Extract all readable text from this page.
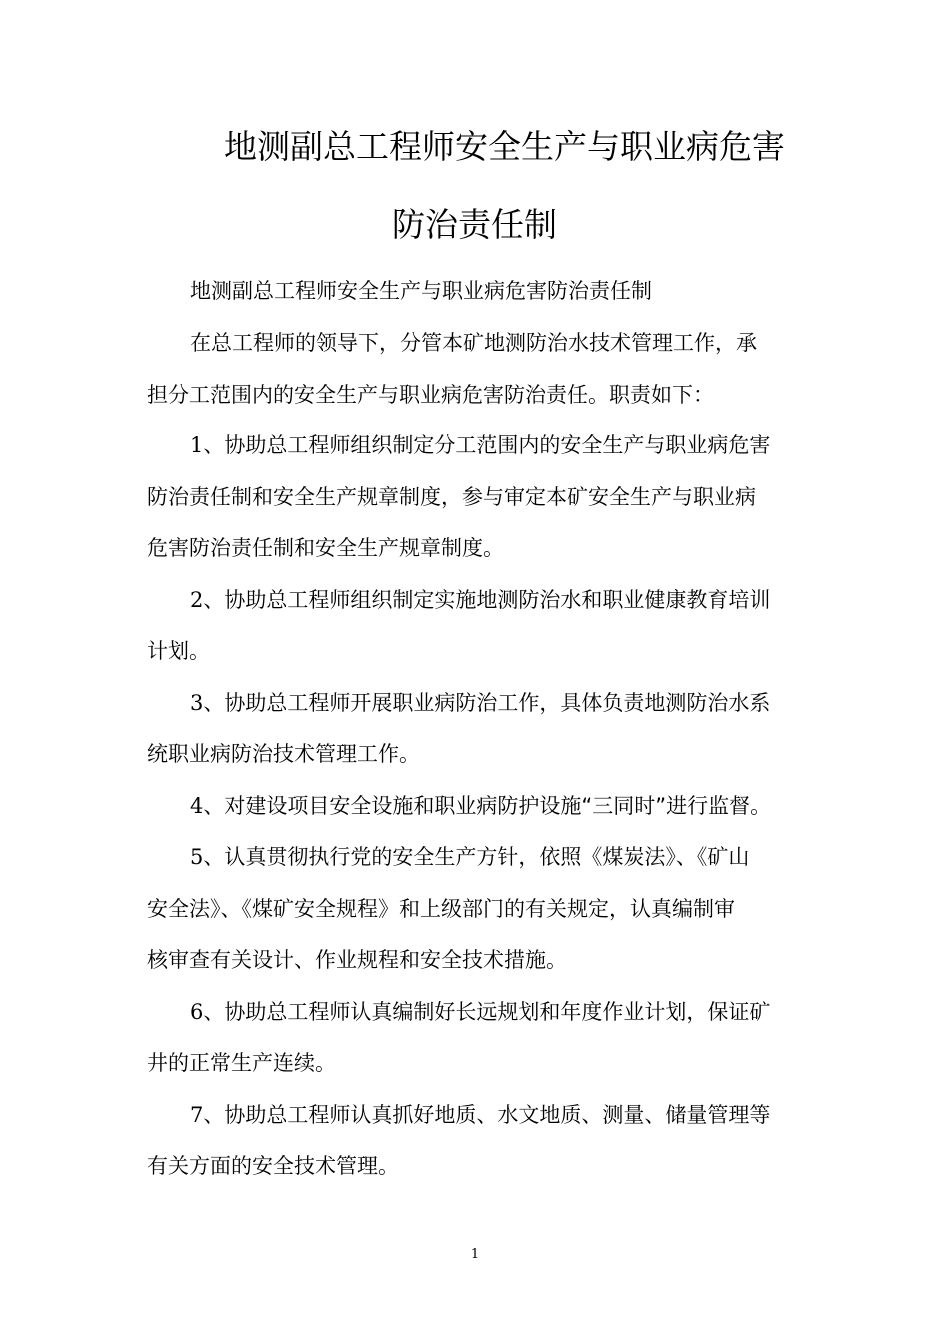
地测副总工程师安全生产与职业病危害
防治责任制
地测副总工程师安全生产与职业病危害防治责任制
在总工程师的领导下，分管本矿地测防治水技术管理工作，承
担分工范围内的安全生产与职业病危害防治责任。职责如下：
1、协助总工程师组织制定分工范围内的安全生产与职业病危害
防治责任制和安全生产规章制度，参与审定本矿安全生产与职业病
危害防治责任制和安全生产规章制度。
2、协助总工程师组织制定实施地测防治水和职业健康教育培训
计划。
3、协助总工程师开展职业病防治工作，具体负责地测防治水系
统职业病防治技术管理工作。
4、对建设项目安全设施和职业病防护设施“三同时”进行监督。
5、认真贯彻执行党的安全生产方针，依照《煤炭法》、《矿山
安全法》、《煤矿安全规程》和上级部门的有关规定，认真编制审
核审查有关设计、作业规程和安全技术措施。
6、协助总工程师认真编制好长远规划和年度作业计划，保证矿
井的正常生产连续。
7、协助总工程师认真抓好地质、水文地质、测量、储量管理等
有关方面的安全技术管理。
1
